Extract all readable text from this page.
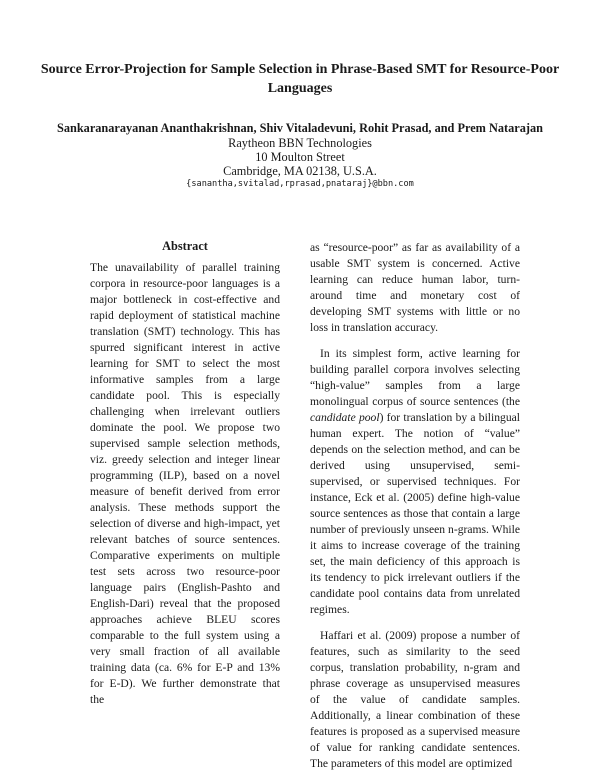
Source Error-Projection for Sample Selection in Phrase-Based SMT for Resource-Poor Languages
Sankaranarayanan Ananthakrishnan, Shiv Vitaladevuni, Rohit Prasad, and Prem Natarajan
Raytheon BBN Technologies
10 Moulton Street
Cambridge, MA 02138, U.S.A.
{sanantha,svitalad,rprasad,pnataraj}@bbn.com
Abstract

The unavailability of parallel training corpora in resource-poor languages is a major bottleneck in cost-effective and rapid deployment of statistical machine translation (SMT) technology. This has spurred significant interest in active learning for SMT to select the most informative samples from a large candidate pool. This is especially challenging when irrelevant outliers dominate the pool. We propose two supervised sample selection methods, viz. greedy selection and integer linear programming (ILP), based on a novel measure of benefit derived from error analysis. These methods support the selection of diverse and high-impact, yet relevant batches of source sentences. Comparative experiments on multiple test sets across two resource-poor language pairs (English-Pashto and English-Dari) reveal that the proposed approaches achieve BLEU scores comparable to the full system using a very small fraction of all available training data (ca. 6% for E-P and 13% for E-D). We further demonstrate that the

as “resource-poor” as far as availability of a usable SMT system is concerned. Active learning can reduce human labor, turn-around time and monetary cost of developing SMT systems with little or no loss in translation accuracy.

In its simplest form, active learning for building parallel corpora involves selecting “high-value” samples from a large monolingual corpus of source sentences (the candidate pool) for translation by a bilingual human expert. The notion of “value” depends on the selection method, and can be derived using unsupervised, semi-supervised, or supervised techniques. For instance, Eck et al. (2005) define high-value source sentences as those that contain a large number of previously unseen n-grams. While it aims to increase coverage of the training set, the main deficiency of this approach is its tendency to pick irrelevant outliers if the candidate pool contains data from unrelated regimes.

Haffari et al. (2009) propose a number of features, such as similarity to the seed corpus, translation probability, n-gram and phrase coverage as unsupervised measures of the value of candidate samples. Additionally, a linear combination of these features is proposed as a supervised measure of value for ranking candidate sentences. The parameters of this model are optimized
